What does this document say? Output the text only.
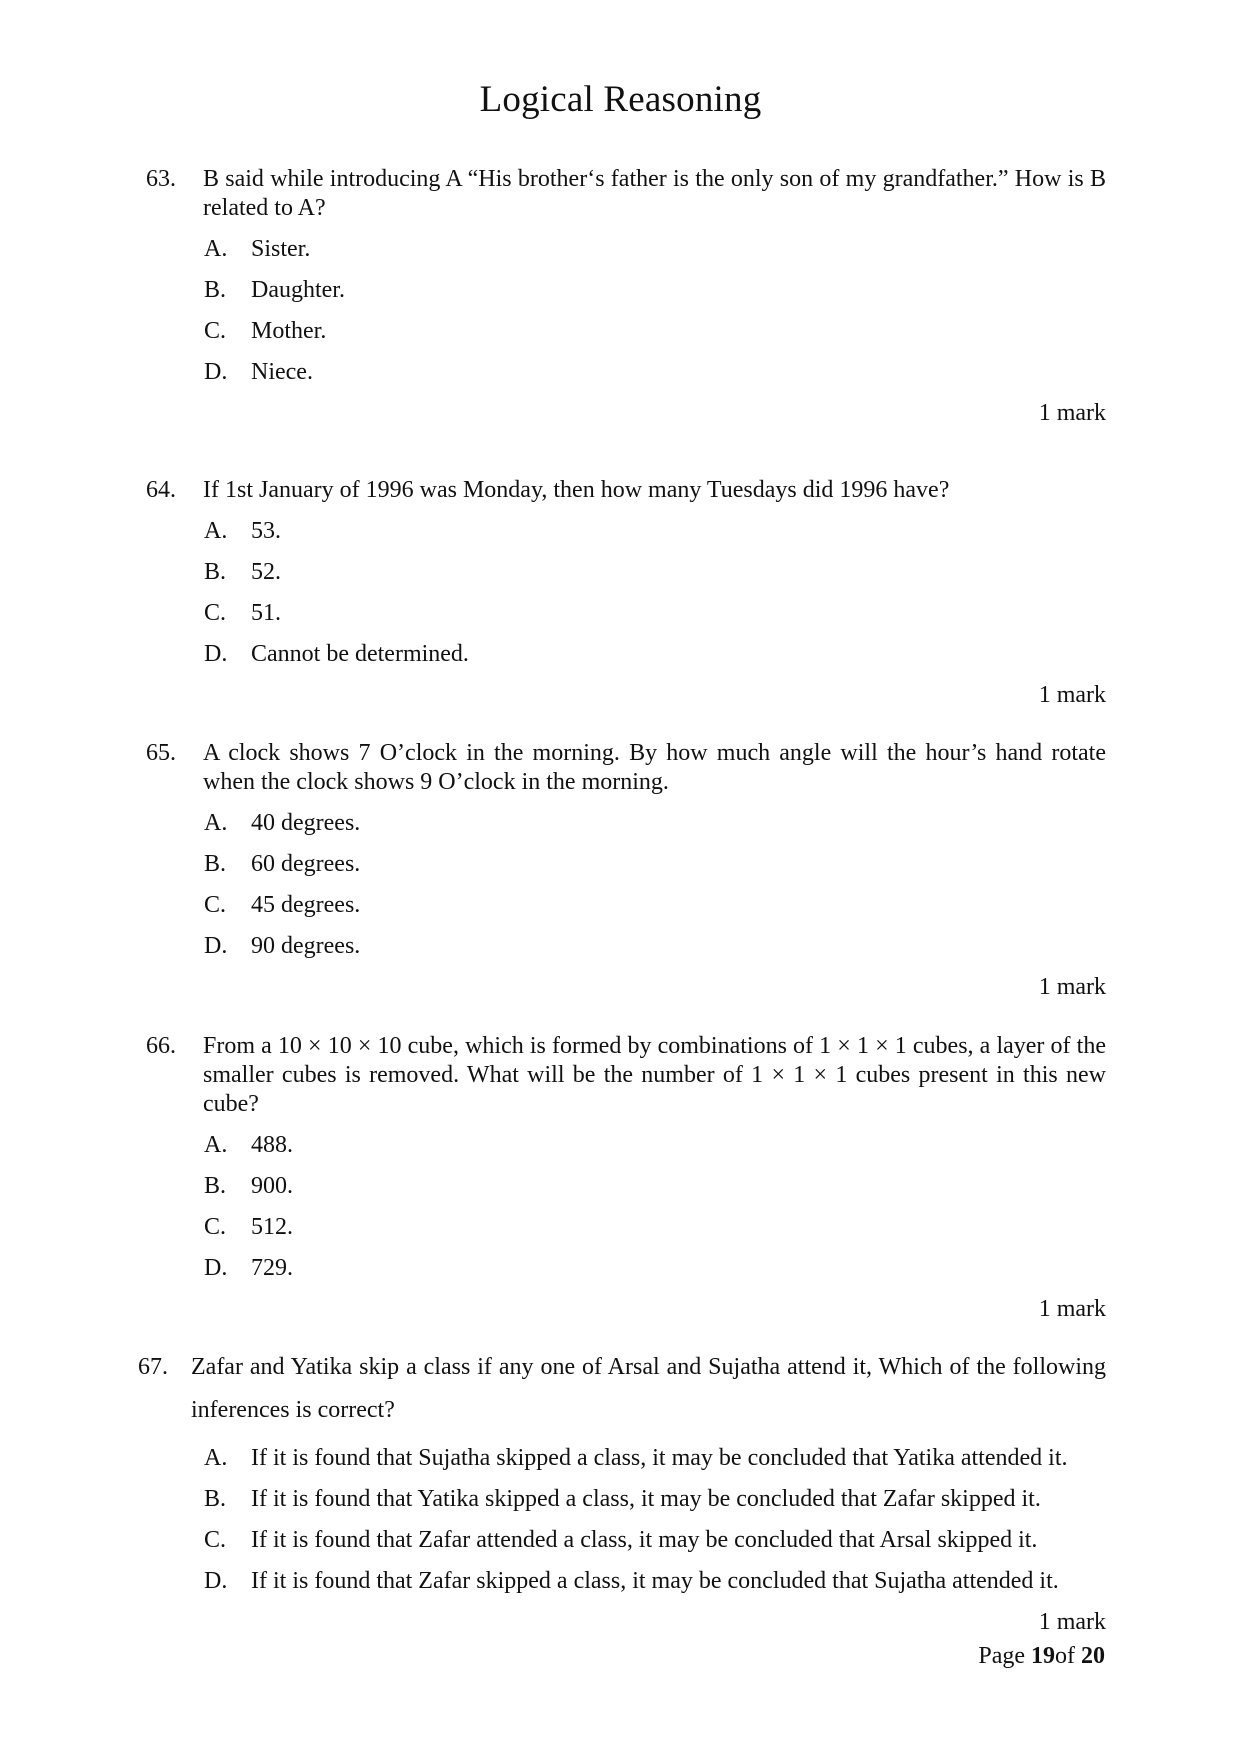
Logical Reasoning
63. B said while introducing A “His brother‘s father is the only son of my grandfather.” How is B related to A?
A. Sister.
B. Daughter.
C. Mother.
D. Niece.
1 mark
64. If 1st January of 1996 was Monday, then how many Tuesdays did 1996 have?
A. 53.
B. 52.
C. 51.
D. Cannot be determined.
1 mark
65. A clock shows 7 O’clock in the morning. By how much angle will the hour’s hand rotate when the clock shows 9 O’clock in the morning.
A. 40 degrees.
B. 60 degrees.
C. 45 degrees.
D. 90 degrees.
1 mark
66. From a 10 × 10 × 10 cube, which is formed by combinations of 1 × 1 × 1 cubes, a layer of the smaller cubes is removed. What will be the number of 1 × 1 × 1 cubes present in this new cube?
A. 488.
B. 900.
C. 512.
D. 729.
1 mark
67. Zafar and Yatika skip a class if any one of Arsal and Sujatha attend it, Which of the following inferences is correct?
A. If it is found that Sujatha skipped a class, it may be concluded that Yatika attended it.
B. If it is found that Yatika skipped a class, it may be concluded that Zafar skipped it.
C. If it is found that Zafar attended a class, it may be concluded that Arsal skipped it.
D. If it is found that Zafar skipped a class, it may be concluded that Sujatha attended it.
1 mark
Page 19of 20
